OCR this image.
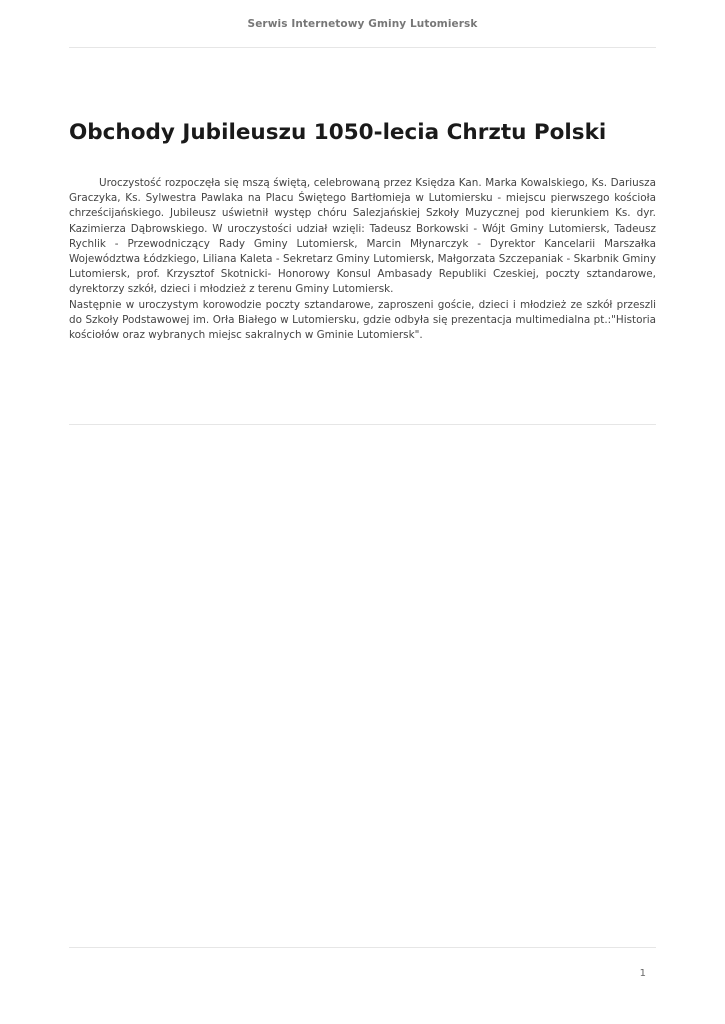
Serwis Internetowy Gminy Lutomiersk
Obchody Jubileuszu 1050-lecia Chrztu Polski

Uroczystość rozpoczęła się mszą świętą, celebrowaną przez Księdza Kan. Marka Kowalskiego, Ks. Dariusza Graczyka, Ks. Sylwestra Pawlaka na Placu Świętego Bartłomieja w Lutomiersku - miejscu pierwszego kościoła chrześcijańskiego. Jubileusz uświetnił występ chóru Salezjańskiej Szkoły Muzycznej pod kierunkiem Ks. dyr. Kazimierza Dąbrowskiego. W uroczystości udział wzięli: Tadeusz Borkowski - Wójt Gminy Lutomiersk, Tadeusz Rychlik - Przewodniczący Rady Gminy Lutomiersk, Marcin Młynarczyk - Dyrektor Kancelarii Marszałka Województwa Łódzkiego, Liliana Kaleta - Sekretarz Gminy Lutomiersk, Małgorzata Szczepaniak - Skarbnik Gminy Lutomiersk, prof. Krzysztof Skotnicki- Honorowy Konsul Ambasady Republiki Czeskiej, poczty sztandarowe, dyrektorzy szkół, dzieci i młodzież z terenu Gminy Lutomiersk.

Następnie w uroczystym korowodzie poczty sztandarowe, zaproszeni goście, dzieci i młodzież ze szkół przeszli do Szkoły Podstawowej im. Orła Białego w Lutomiersku, gdzie odbyła się prezentacja multimedialna pt.:"Historia kościołów oraz wybranych miejsc sakralnych w Gminie Lutomiersk".

1
